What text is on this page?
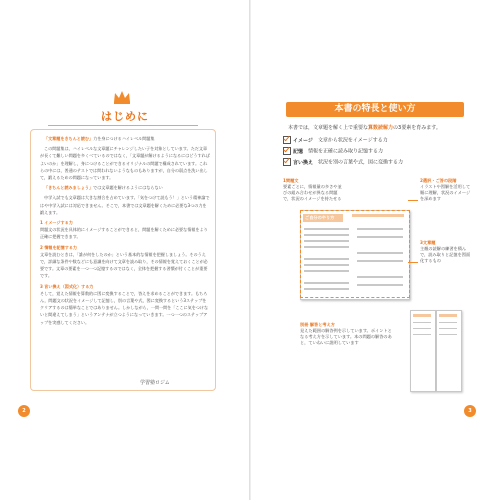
はじめに

「文章題をきちんと読む」力を身につけるハイレベル問題集

この問題集は，ハイレベルな文章題にチャレンジしたい子を対象としています。ただ文章が長くて難しい問題を多くべているのではなく，「文章題が解けるようになるにはどうすればよいのか」を理解し，身につけることができるオリジナルの問題で構成されています。これらの中には，普通のテストでは問われないようなものもありますが，自分の弱点を洗い出して，鍛えるための問題になっています。

「きちんと読みましょう」では文章題を解けるようにはならない

中学入試でも文章題は大きな割合を占めています。「気をつけて読もう！」という精神論ではや中学入試には対応できません。そこで，本書では文章題を解くために必要な3つの力を鍛えます。

1 イメージする力
問題文の状況を具体的にイメージすることができると，問題を解くために必要な情報をより正確に把握できます。

2 情報を記憶する力
文章を読むときは，「誰が何をしたのか」という基本的な情報を把握しましょう。そのうえで，詳細な条件や数などにも意識を向けて文章を読み取り，その情報を覚えておくことが必要です。文章の要素を一つ一つ記憶するのではなく，全体を把握する習慣が付くことが重要です。

3 言い換え（図式化）する力
そして，覚えた情報を算数的に図に変換することで，答えを求めることができます。もちろん，問題文の状況をイメージして記憶し，別の言葉や式，図に変換するという3ステップをクリアするのは簡単なことではありません。しかしながら，一問一問を「ここに気をつけないと間違えてしまう」というアンテナが立つようになっていきます。一つ一つのステップアップを実感してください。

学習塾ロジム
2
本書の特長と使い方
本書では，文章題を解く上で重要な算数読解力の3要素を育みます。
イメージ 文章から状況をイメージする力
記憶 情報を正確に読み取り記憶する力
言い換え 状況を別の言葉や式，図に変換する力
1問題文
要素ごとに，情報量の多さや並びの組み合わせが異なる問題で，状況のイメージを持たせる
2選択・ご答の段階
イラストや図解を活用して順に理解，状況のイメージを深めます
3文章題
主観の読解の練習を積んで，読み取りと記憶を図面化するもの
ご自分のやり方
別冊 解答と考え方
見えた範囲の解答例を示しています。ポイントとなる考え方を示しています。本の問題の解答のあと，ていねいに説明しています
3
